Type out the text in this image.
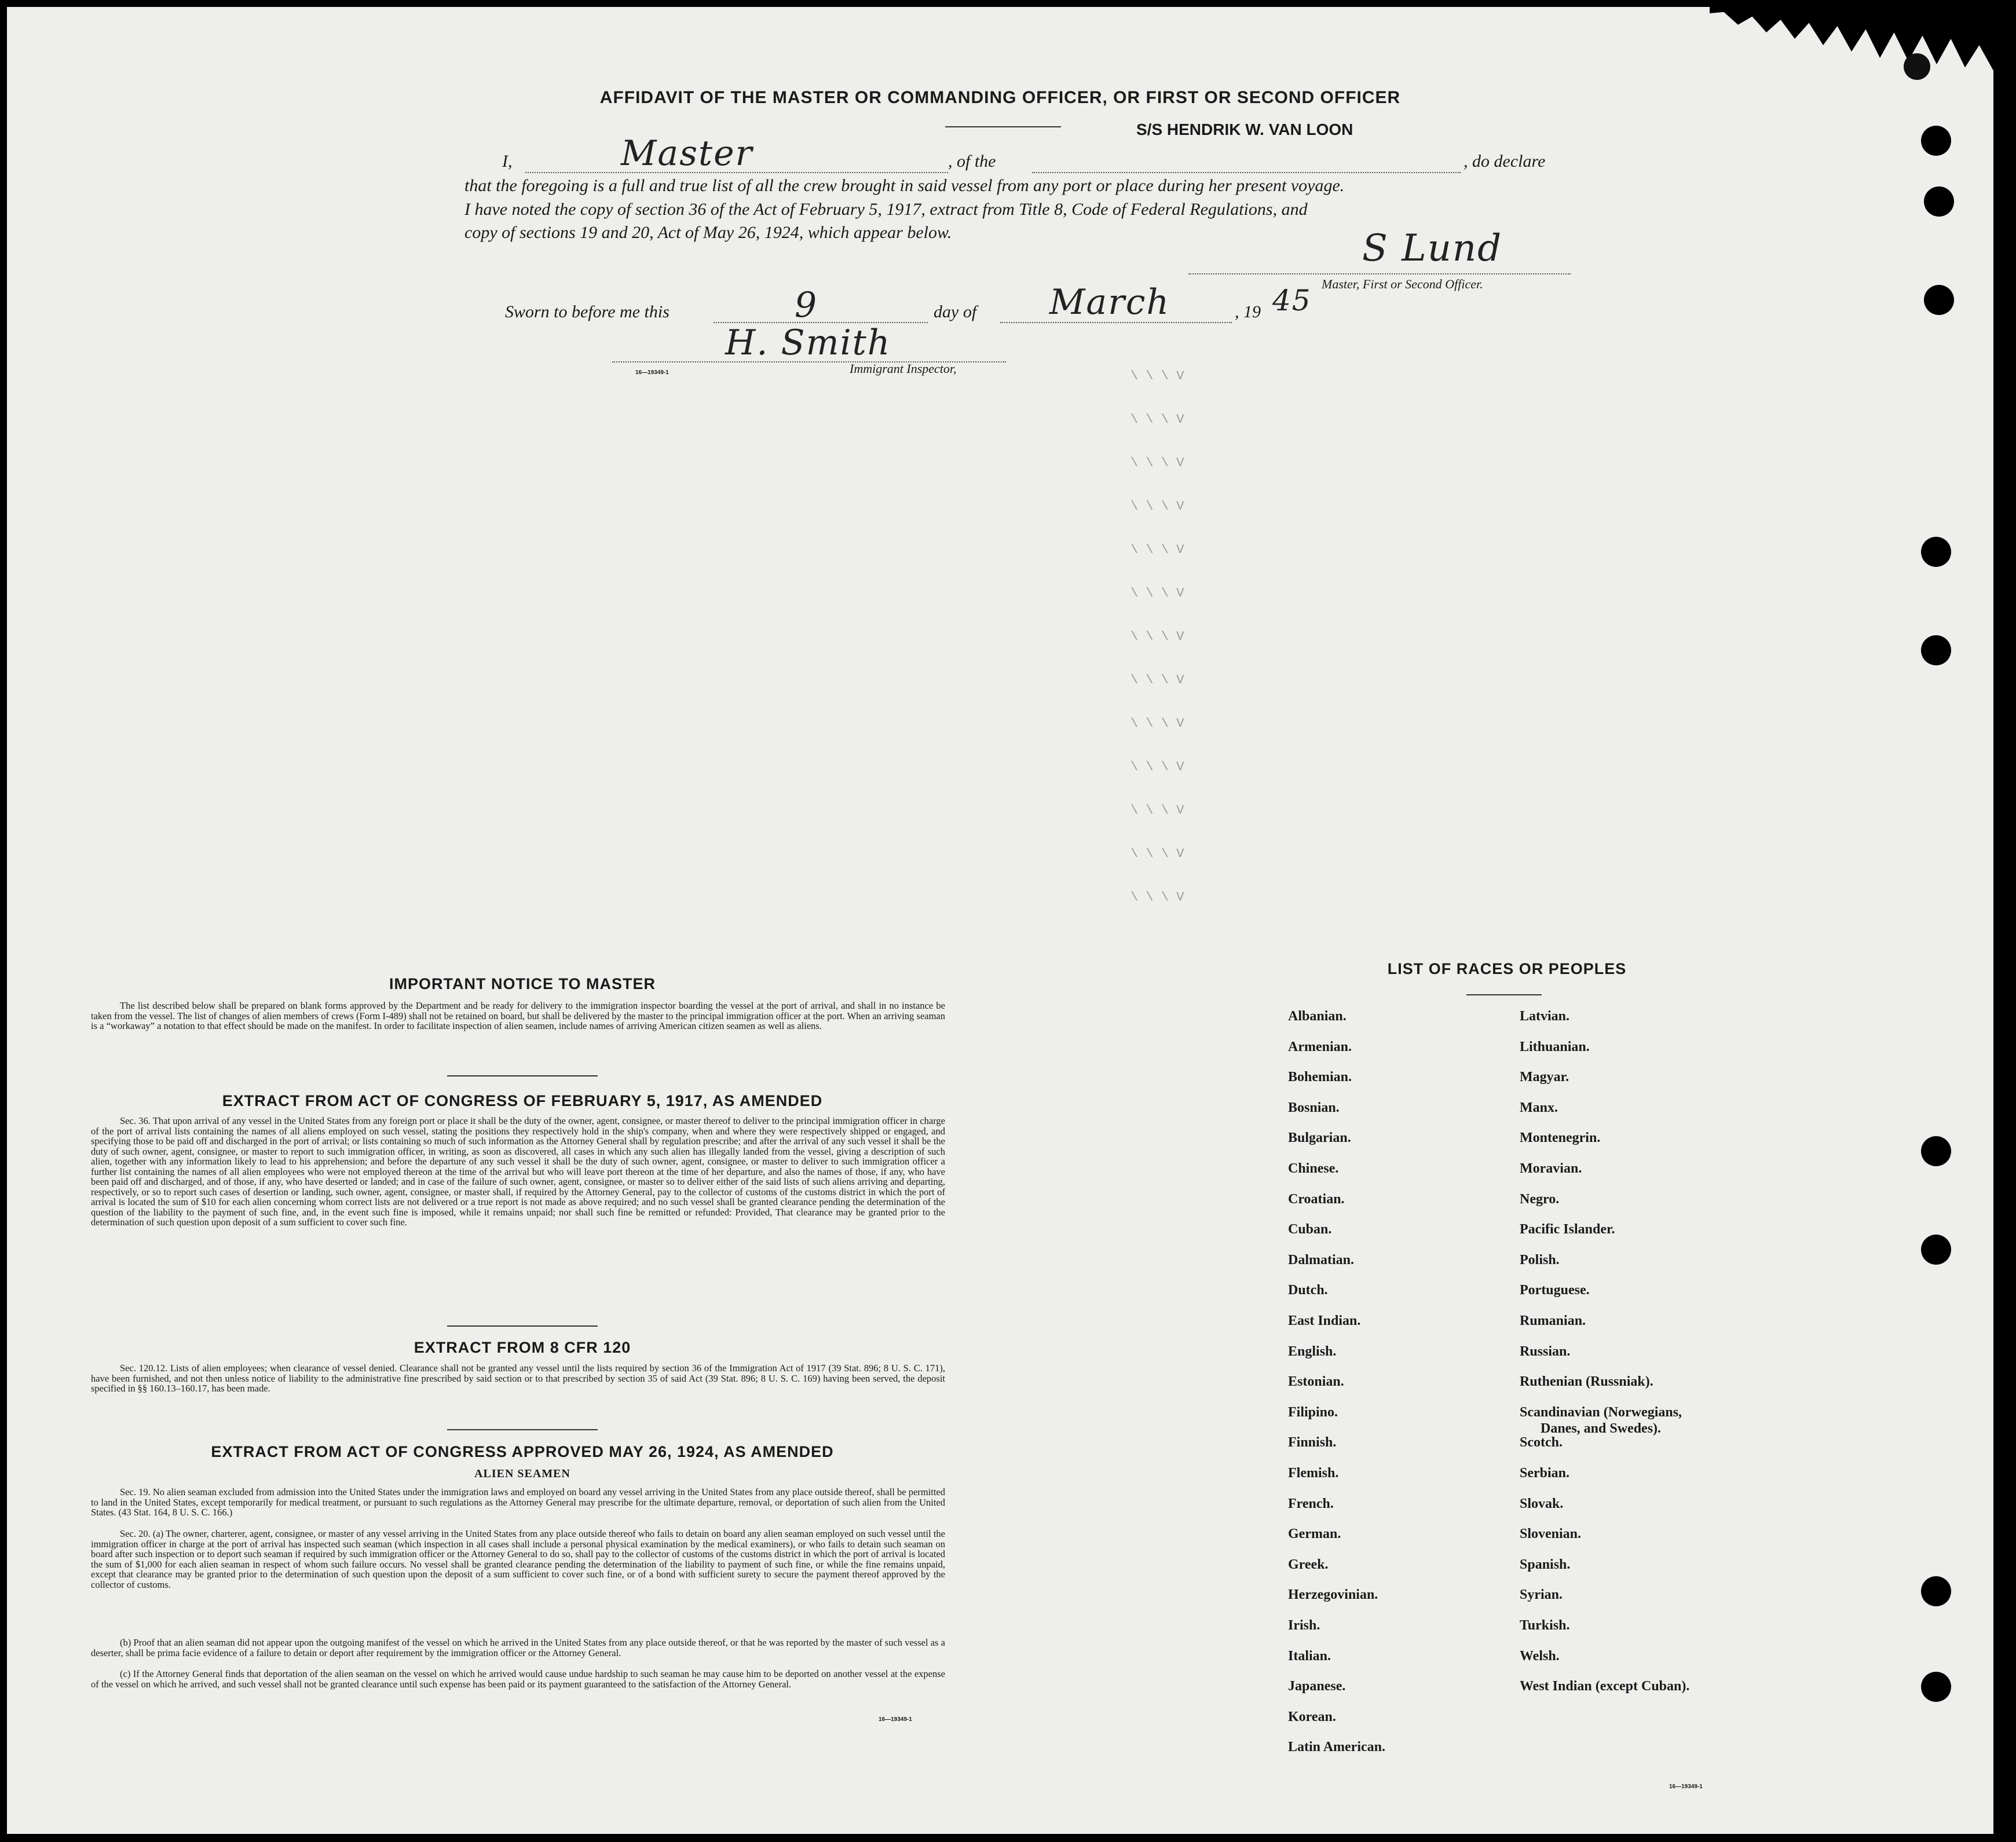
AFFIDAVIT OF THE MASTER OR COMMANDING OFFICER, OR FIRST OR SECOND OFFICER
S/S HENDRIK W. VAN LOON
I,	Master	, of the	, do declare
that the foregoing is a full and true list of all the crew brought in said vessel from any port or place during her present voyage.
I have noted the copy of section 36 of the Act of February 5, 1917, extract from Title 8, Code of Federal Regulations, and
copy of sections 19 and 20, Act of May 26, 1924, which appear below.	S Lund
Master, First or Second Officer.
Sworn to before me this	9	day of March	, 19 45
H. Smith
Immigrant Inspector,
16—19349-1	\ \ \ V
\ \ \ V
\ \ \ V
\ \ \ V
\ \ \ V
\ \ \ V
\ \ \ V
\ \ \ V
\ \ \ V
\ \ \ V
\ \ \ V
\ \ \ V
\ \ \ V
IMPORTANT NOTICE TO MASTER
The list described below shall be prepared on blank forms approved by the Department and be ready for delivery to the immigration inspector boarding the vessel at the port of arrival, and shall in no instance be taken from the vessel. The list of changes of alien members of crews (Form I-489) shall not be retained on board, but shall be delivered by the master to the principal immigration officer at the port. When an arriving seaman is a “workaway” a notation to that effect should be made on the manifest. In order to facilitate inspection of alien seamen, include names of arriving American citizen seamen as well as aliens.
EXTRACT FROM ACT OF CONGRESS OF FEBRUARY 5, 1917, AS AMENDED
Sec. 36. That upon arrival of any vessel in the United States from any foreign port or place it shall be the duty of the owner, agent, consignee, or master thereof to deliver to the principal immigration officer in charge of the port of arrival lists containing the names of all aliens employed on such vessel, stating the positions they respectively hold in the ship's company, when and where they were respectively shipped or engaged, and specifying those to be paid off and discharged in the port of arrival; or lists containing so much of such information as the Attorney General shall by regulation prescribe; and after the arrival of any such vessel it shall be the duty of such owner, agent, consignee, or master to report to such immigration officer, in writing, as soon as discovered, all cases in which any such alien has illegally landed from the vessel, giving a description of such alien, together with any information likely to lead to his apprehension; and before the departure of any such vessel it shall be the duty of such owner, agent, consignee, or master to deliver to such immigration officer a further list containing the names of all alien employees who were not employed thereon at the time of the arrival but who will leave port thereon at the time of her departure, and also the names of those, if any, who have been paid off and discharged, and of those, if any, who have deserted or landed; and in case of the failure of such owner, agent, consignee, or master so to deliver either of the said lists of such aliens arriving and departing, respectively, or so to report such cases of desertion or landing, such owner, agent, consignee, or master shall, if required by the Attorney General, pay to the collector of customs of the customs district in which the port of arrival is located the sum of $10 for each alien concerning whom correct lists are not delivered or a true report is not made as above required; and no such vessel shall be granted clearance pending the determination of the question of the liability to the payment of such fine, and, in the event such fine is imposed, while it remains unpaid; nor shall such fine be remitted or refunded: Provided, That clearance may be granted prior to the determination of such question upon deposit of a sum sufficient to cover such fine.
EXTRACT FROM 8 CFR 120
Sec. 120.12. Lists of alien employees; when clearance of vessel denied. Clearance shall not be granted any vessel until the lists required by section 36 of the Immigration Act of 1917 (39 Stat. 896; 8 U. S. C. 171), have been furnished, and not then unless notice of liability to the administrative fine prescribed by said section or to that prescribed by section 35 of said Act (39 Stat. 896; 8 U. S. C. 169) having been served, the deposit specified in §§ 160.13–160.17, has been made.
EXTRACT FROM ACT OF CONGRESS APPROVED MAY 26, 1924, AS AMENDED
ALIEN SEAMEN
Sec. 19. No alien seaman excluded from admission into the United States under the immigration laws and employed on board any vessel arriving in the United States from any place outside thereof, shall be permitted to land in the United States, except temporarily for medical treatment, or pursuant to such regulations as the Attorney General may prescribe for the ultimate departure, removal, or deportation of such alien from the United States. (43 Stat. 164, 8 U. S. C. 166.)
Sec. 20. (a) The owner, charterer, agent, consignee, or master of any vessel arriving in the United States from any place outside thereof who fails to detain on board any alien seaman employed on such vessel until the immigration officer in charge at the port of arrival has inspected such seaman (which inspection in all cases shall include a personal physical examination by the medical examiners), or who fails to detain such seaman on board after such inspection or to deport such seaman if required by such immigration officer or the Attorney General to do so, shall pay to the collector of customs of the customs district in which the port of arrival is located the sum of $1,000 for each alien seaman in respect of whom such failure occurs. No vessel shall be granted clearance pending the determination of the liability to payment of such fine, or while the fine remains unpaid, except that clearance may be granted prior to the determination of such question upon the deposit of a sum sufficient to cover such fine, or of a bond with sufficient surety to secure the payment thereof approved by the collector of customs.
(b) Proof that an alien seaman did not appear upon the outgoing manifest of the vessel on which he arrived in the United States from any place outside thereof, or that he was reported by the master of such vessel as a deserter, shall be prima facie evidence of a failure to detain or deport after requirement by the immigration officer or the Attorney General.
(c) If the Attorney General finds that deportation of the alien seaman on the vessel on which he arrived would cause undue hardship to such seaman he may cause him to be deported on another vessel at the expense of the vessel on which he arrived, and such vessel shall not be granted clearance until such expense has been paid or its payment guaranteed to the satisfaction of the Attorney General.
16—19349-1
LIST OF RACES OR PEOPLES
16—19349-1
Albanian.
Armenian.
Bohemian.
Bosnian.
Bulgarian.
Chinese.
Croatian.
Cuban.
Dalmatian.
Dutch.
East Indian.
English.
Estonian.
Filipino.
Finnish.
Flemish.
French.
German.
Greek.
Herzegovinian.
Irish.
Italian.
Japanese.
Korean.
Latin American.
Latvian.
Lithuanian.
Magyar.
Manx.
Montenegrin.
Moravian.
Negro.
Pacific Islander.
Polish.
Portuguese.
Rumanian.
Russian.
Ruthenian (Russniak).
Scandinavian (Norwegians,
Danes, and Swedes).
Scotch.
Serbian.
Slovak.
Slovenian.
Spanish.
Syrian.
Turkish.
Welsh.
West Indian (except Cuban).
